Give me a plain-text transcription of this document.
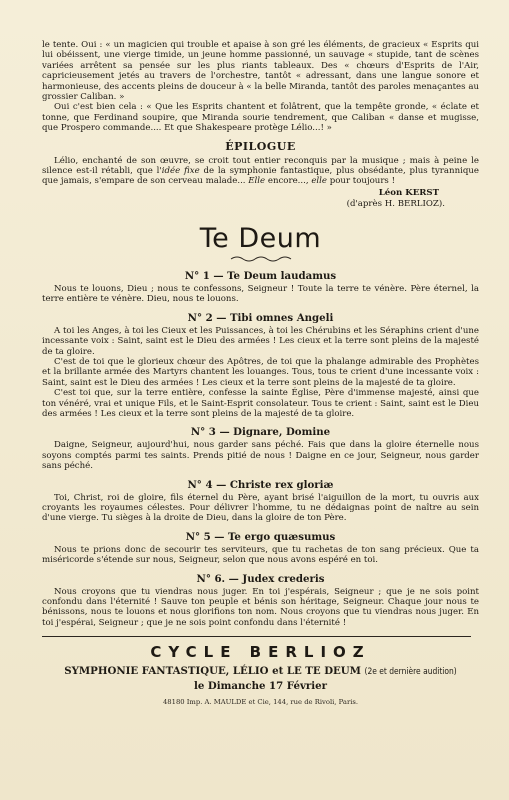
le tente. Oui : « un magicien qui trouble et apaise à son gré les éléments, de gracieux « Esprits qui lui obéissent, une vierge timide, un jeune homme passionné, un sauvage « stupide, tant de scènes variées arrêtent sa pensée sur les plus riants tableaux. Des « chœurs d'Esprits de l'Air, capricieusement jetés au travers de l'orchestre, tantôt « adressant, dans une langue sonore et harmonieuse, des accents pleins de douceur à « la belle Miranda, tantôt des paroles menaçantes au grossier Caliban. »

Oui c'est bien cela : « Que les Esprits chantent et folâtrent, que la tempête gronde, « éclate et tonne, que Ferdinand soupire, que Miranda sourie tendrement, que Caliban « danse et mugisse, que Prospero commande.... Et que Shakespeare protège Lélio...! »

ÉPILOGUE

Lélio, enchanté de son œuvre, se croit tout entier reconquis par la musique ; mais à peine le silence est-il rétabli, que l'idée fixe de la symphonie fantastique, plus obsédante, plus tyrannique que jamais, s'empare de son cerveau malade... Elle encore..., elle pour toujours !

Léon KERST
(d'après H. BERLIOZ).
Te Deum
N° 1 — Te Deum laudamus

Nous te louons, Dieu ; nous te confessons, Seigneur ! Toute la terre te vénère. Père éternel, la terre entière te vénère. Dieu, nous te louons.

N° 2 — Tibi omnes Angeli

A toi les Anges, à toi les Cieux et les Puissances, à toi les Chérubins et les Séraphins crient d'une incessante voix : Saint, saint est le Dieu des armées ! Les cieux et la terre sont pleins de la majesté de ta gloire.

C'est de toi que le glorieux chœur des Apôtres, de toi que la phalange admirable des Prophètes et la brillante armée des Martyrs chantent les louanges. Tous, tous te crient d'une incessante voix : Saint, saint est le Dieu des armées ! Les cieux et la terre sont pleins de la majesté de ta gloire.

C'est toi que, sur la terre entière, confesse la sainte Église, Père d'immense majesté, ainsi que ton vénéré, vrai et unique Fils, et le Saint-Esprit consolateur. Tous te crient : Saint, saint est le Dieu des armées ! Les cieux et la terre sont pleins de la majesté de ta gloire.

N° 3 — Dignare, Domine

Daigne, Seigneur, aujourd'hui, nous garder sans péché. Fais que dans la gloire éternelle nous soyons comptés parmi tes saints. Prends pitié de nous ! Daigne en ce jour, Seigneur, nous garder sans péché.

N° 4 — Christe rex gloriæ

Toi, Christ, roi de gloire, fils éternel du Père, ayant brisé l'aiguillon de la mort, tu ouvris aux croyants les royaumes célestes. Pour délivrer l'homme, tu ne dédaignas point de naître au sein d'une vierge. Tu sièges à la droite de Dieu, dans la gloire de ton Père.

N° 5 — Te ergo quæsumus

Nous te prions donc de secourir tes serviteurs, que tu rachetas de ton sang précieux. Que ta miséricorde s'étende sur nous, Seigneur, selon que nous avons espéré en toi.

N° 6. — Judex crederis

Nous croyons que tu viendras nous juger. En toi j'espérais, Seigneur ; que je ne sois point confondu dans l'éternité ! Sauve ton peuple et bénis son héritage, Seigneur. Chaque jour nous te bénissons, nous te louons et nous glorifions ton nom. Nous croyons que tu viendras nous juger. En toi j'espérai, Seigneur ; que je ne sois point confondu dans l'éternité !

CYCLE BERLIOZ
SYMPHONIE FANTASTIQUE, LÉLIO et LE TE DEUM (2e et dernière audition)
le Dimanche 17 Février
48180 Imp. A. MAULDE et Cie, 144, rue de Rivoli, Paris.
